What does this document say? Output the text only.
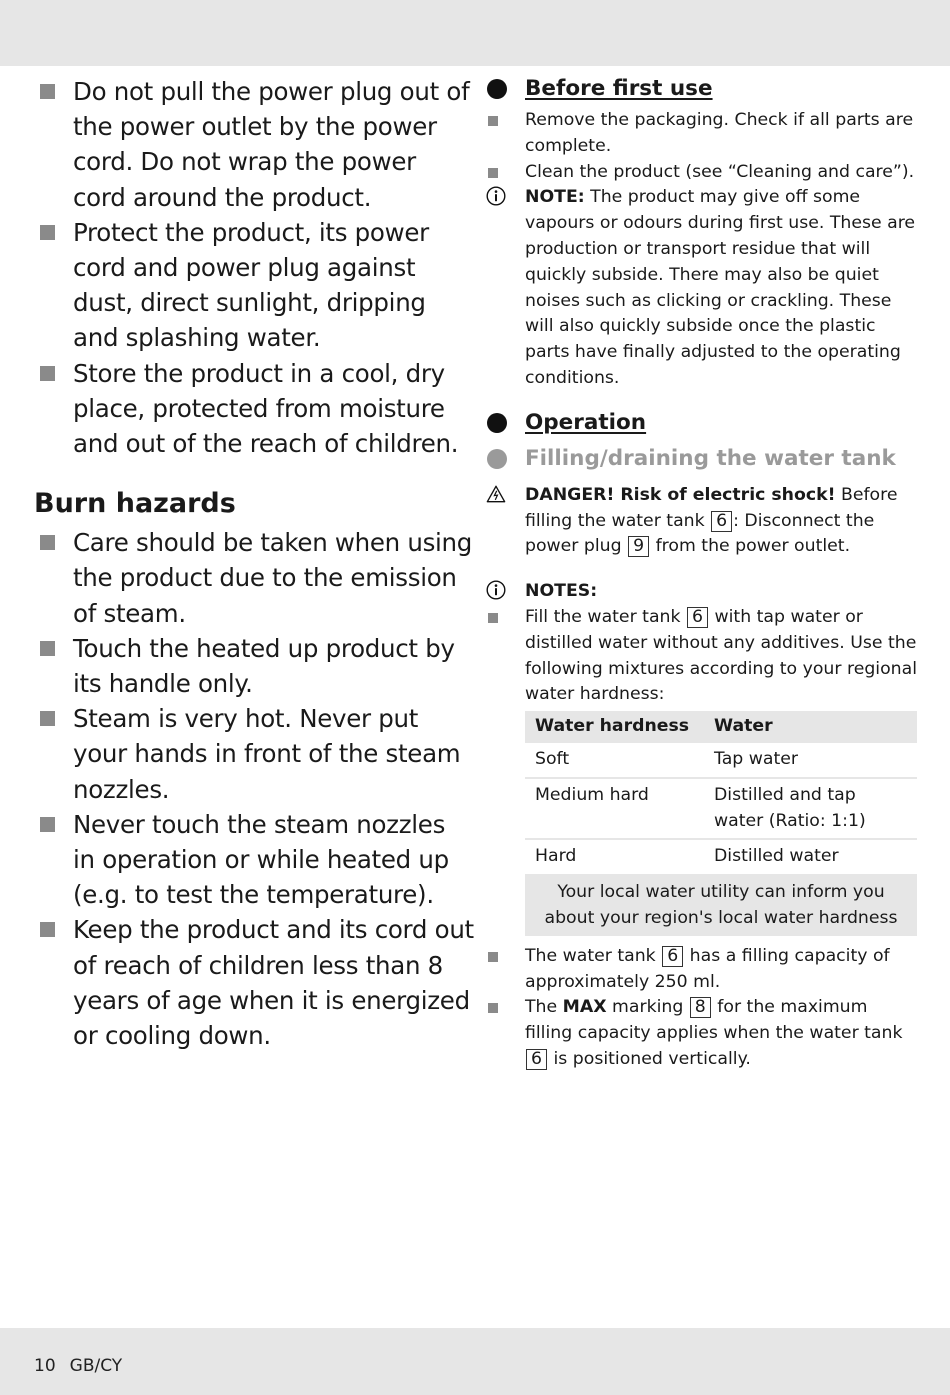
Do not pull the power plug out of the power outlet by the power cord. Do not wrap the power cord around the product.
Protect the product, its power cord and power plug against dust, direct sunlight, dripping and splashing water.
Store the product in a cool, dry place, protected from moisture and out of the reach of children.
Burn hazards
Care should be taken when using the product due to the emission of steam.
Touch the heated up product by its handle only.
Steam is very hot. Never put your hands in front of the steam nozzles.
Never touch the steam nozzles in operation or while heated up (e.g. to test the temperature).
Keep the product and its cord out of reach of children less than 8 years of age when it is energized or cooling down.
Before first use
Remove the packaging. Check if all parts are complete.
Clean the product (see “Cleaning and care”).
NOTE: The product may give off some vapours or odours during first use. These are production or transport residue that will quickly subside. There may also be quiet noises such as clicking or crackling. These will also quickly subside once the plastic parts have finally adjusted to the operating conditions.
Operation
Filling/draining the water tank
DANGER! Risk of electric shock! Before filling the water tank 6 : Disconnect the power plug 9 from the power outlet.
NOTES:
Fill the water tank 6 with tap water or distilled water without any additives. Use the following mixtures according to your regional water hardness:
Water hardness	Water
Soft	Tap water
Medium hard	Distilled and tap water (Ratio: 1:1)
Hard	Distilled water
Your local water utility can inform you about your region's local water hardness	
The water tank 6 has a filling capacity of approximately 250 ml.
The MAX marking 8 for the maximum filling capacity applies when the water tank 6 is positioned vertically.
10 GB/CY
